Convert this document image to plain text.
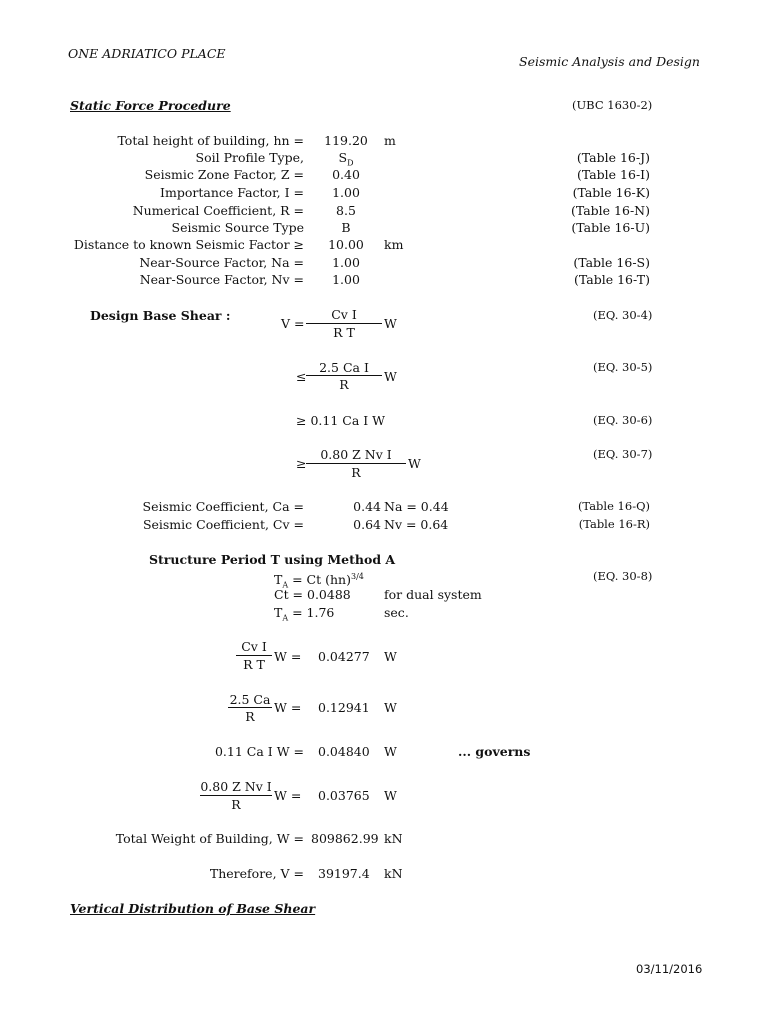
ONE ADRIATICO PLACE
Seismic Analysis and Design
Static Force Procedure	(UBC 1630-2)
Total height of building, hn =	119.20	m
Soil Profile Type,	$S_D$	(Table 16-J)
Seismic Zone Factor, Z =	0.40	(Table 16-I)
Importance Factor, I =	1.00	(Table 16-K)
Numerical Coefficient, R =	8.5	(Table 16-N)
Seismic Source Type	B	(Table 16-U)
Distance to known Seismic Factor ≥	10.00	km
Near-Source Factor, Na =	1.00	(Table 16-S)
Near-Source Factor, Nv =	1.00	(Table 16-T)
Design Base Shear :
V =
Cv I
R T
W
(EQ. 30-4)
≤
2.5 Ca I
R
W
(EQ. 30-5)
≥ 0.11 Ca I W	(EQ. 30-6)
≥
0.80 Z Nv I
R
W
(EQ. 30-7)
Seismic Coefficient, Ca =	0.44 Na = 0.44	(Table 16-Q)
Seismic Coefficient, Cv =	0.64 Nv = 0.64	(Table 16-R)
Structure Period T using Method A
$T_A = Ct$ (hn)$^{3/4}$	(EQ. 30-8)
Ct = 0.0488	for dual system
$T_A = 1.76$	sec.
Cv I
R T
W = 0.04277 W
2.5 Ca
R
W = 0.12941 W
0.11 Ca I W = 0.04840 W	... governs
0.80 Z Nv I
R
W = 0.03765 W
Total Weight of Building, W = 809862.99 kN
Therefore, V = 39197.4 kN
Vertical Distribution of Base Shear
03/11/2016
